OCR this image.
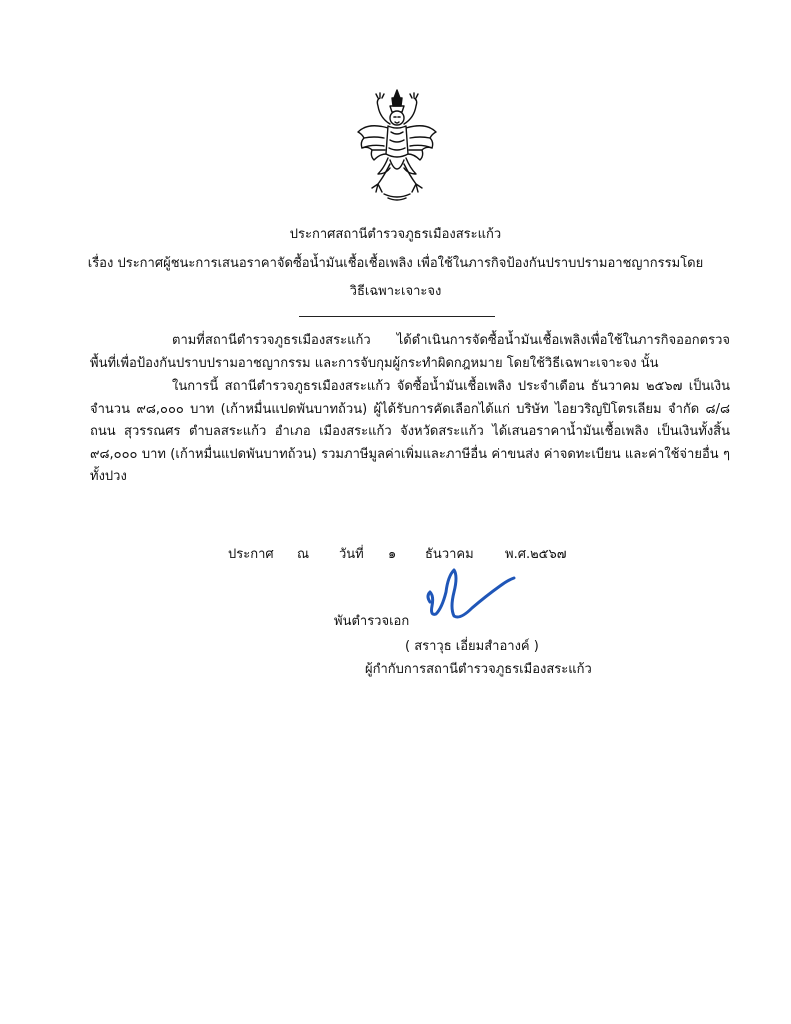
ประกาศสถานีตำรวจภูธรเมืองสระแก้ว
เรื่อง ประกาศผู้ชนะการเสนอราคาจัดซื้อน้ำมันเชื้อเชื้อเพลิง เพื่อใช้ในภารกิจป้องกันปราบปรามอาชญากรรมโดย
วิธีเฉพาะเจาะจง
ตามที่สถานีตำรวจภูธรเมืองสระแก้ว ได้ดำเนินการจัดซื้อน้ำมันเชื้อเพลิงเพื่อใช้ในภารกิจออกตรวจพื้นที่เพื่อป้องกันปราบปรามอาชญากรรม และการจับกุมผู้กระทำผิดกฎหมาย โดยใช้วิธีเฉพาะเจาะจง นั้น
ในการนี้ สถานีตำรวจภูธรเมืองสระแก้ว จัดซื้อน้ำมันเชื้อเพลิง ประจำเดือน ธันวาคม ๒๕๖๗ เป็นเงินจำนวน ๙๘,๐๐๐ บาท (เก้าหมื่นแปดพันบาทถ้วน) ผู้ได้รับการคัดเลือกได้แก่ บริษัท ไอยวริญปิโตรเลียม จำกัด ๘/๘ ถนน สุวรรณศร ตำบลสระแก้ว อำเภอ เมืองสระแก้ว จังหวัดสระแก้ว ได้เสนอราคาน้ำมันเชื้อเพลิง เป็นเงินทั้งสิ้น ๙๘,๐๐๐ บาท (เก้าหมื่นแปดพันบาทถ้วน) รวมภาษีมูลค่าเพิ่มและภาษีอื่น ค่าขนส่ง ค่าจดทะเบียน และค่าใช้จ่ายอื่น ๆ ทั้งปวง
ประกาศ ณ วันที่ ๑ ธันวาคม พ.ศ.๒๕๖๗
พันตำรวจเอก
( สราวุธ เอี่ยมสำอางค์ )
ผู้กำกับการสถานีตำรวจภูธรเมืองสระแก้ว
